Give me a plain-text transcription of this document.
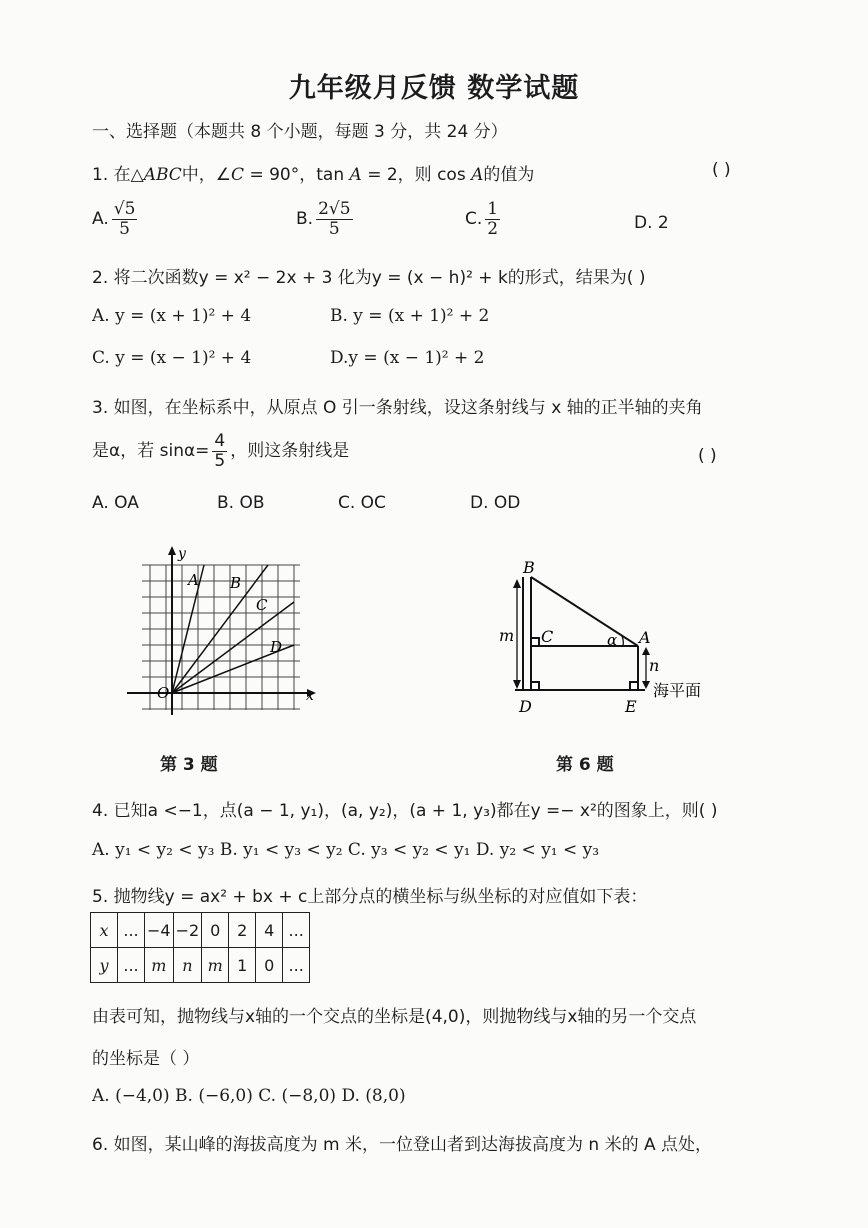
九年级月反馈 数学试题
一、选择题（本题共 8 个小题，每题 3 分，共 24 分）
1. 在△ABC中，∠C = 90°，tan A = 2，则 cos A的值为	( )
A. $\frac{√5}{5}$	B. $\frac{2√5}{5}$	C. $\frac{1}{2}$	D. 2
2. 将二次函数y = x² − 2x + 3 化为y = (x − h)² + k的形式，结果为( )
A. y = (x + 1)² + 4	B. y = (x + 1)² + 2
C. y = (x − 1)² + 4	D.y = (x − 1)² + 2
3. 如图，在坐标系中，从原点 O 引一条射线，设这条射线与 x 轴的正半轴的夹角
是α，若 $\sin\alpha= \frac{4}{5}$ ，则这条射线是	( )
A. OA	B. OB	C. OC	D. OD
y
x
O
A B
C
D
B
C	A
α
m
n
D	E
海平面
第 3 题	第 6 题
4. 已知a <−1，点(a − 1, y₁)，(a, y₂)，(a + 1, y₃)都在y =− x²的图象上，则( )
A. y₁ < y₂ < y₃ B. y₁ < y₃ < y₂ C. y₃ < y₂ < y₁ D. y₂ < y₁ < y₃
5. 抛物线y = ax² + bx + c上部分点的横坐标与纵坐标的对应值如下表：
x	...	−4	−2	0	2	4	...
y	...	m	n	m	1	0	...
由表可知，抛物线与x轴的一个交点的坐标是(4,0)，则抛物线与x轴的另一个交点
的坐标是（ ）
A. (−4,0) B. (−6,0) C. (−8,0) D. (8,0)
6. 如图，某山峰的海拔高度为 m 米，一位登山者到达海拔高度为 n 米的 A 点处，
